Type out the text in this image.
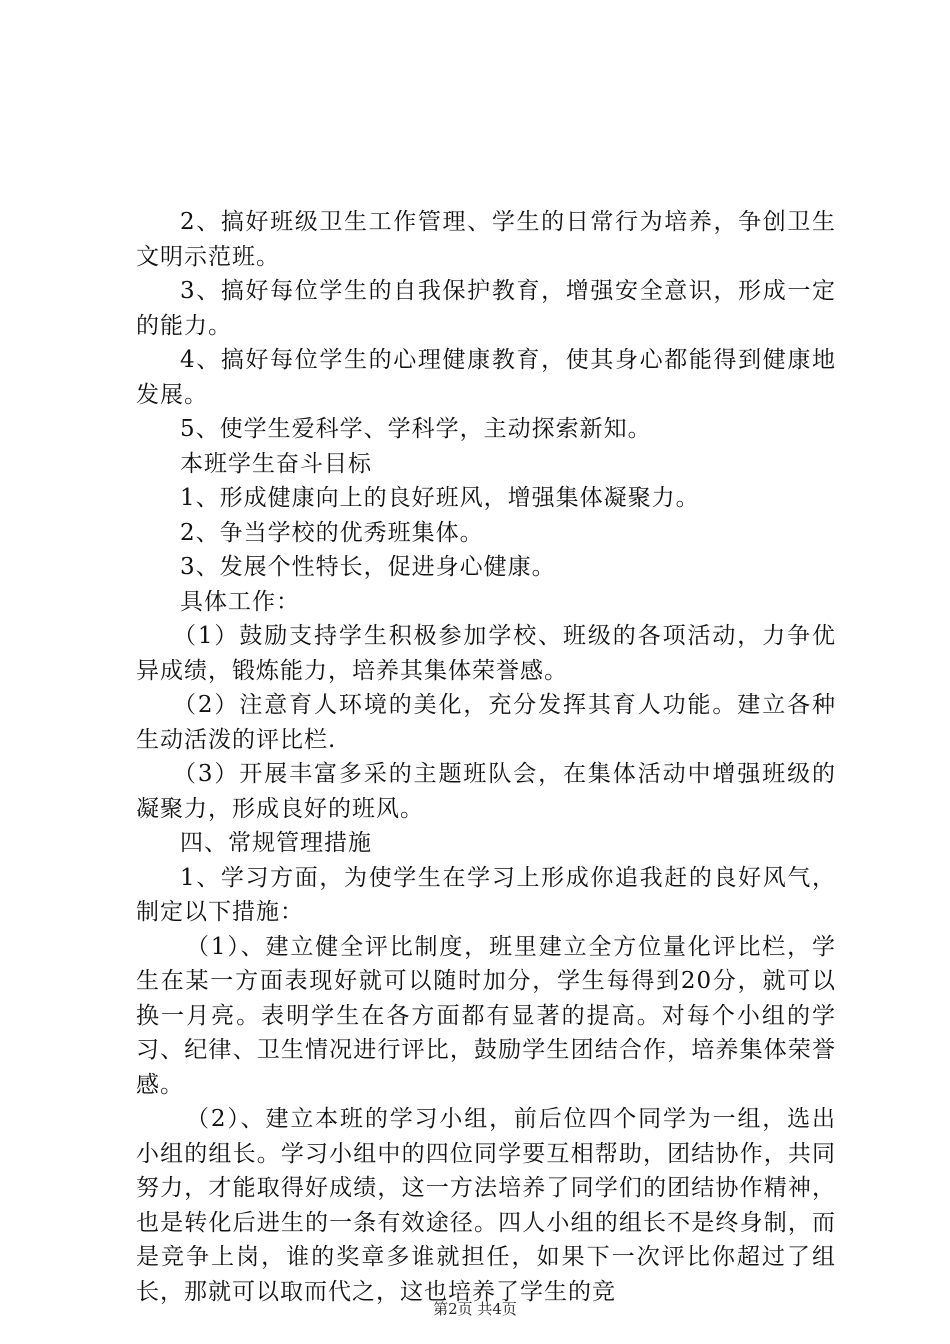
2、搞好班级卫生工作管理、学生的日常行为培养，争创卫生文明示范班。

3、搞好每位学生的自我保护教育，增强安全意识，形成一定的能力。

4、搞好每位学生的心理健康教育，使其身心都能得到健康地发展。

5、使学生爱科学、学科学，主动探索新知。

本班学生奋斗目标

1、形成健康向上的良好班风，增强集体凝聚力。

2、争当学校的优秀班集体。

3、发展个性特长，促进身心健康。

具体工作：

（1）鼓励支持学生积极参加学校、班级的各项活动，力争优异成绩，锻炼能力，培养其集体荣誉感。

（2）注意育人环境的美化，充分发挥其育人功能。建立各种生动活泼的评比栏.

（3）开展丰富多采的主题班队会，在集体活动中增强班级的凝聚力，形成良好的班风。

四、常规管理措施

1、学习方面，为使学生在学习上形成你追我赶的良好风气，制定以下措施：

（1）、建立健全评比制度，班里建立全方位量化评比栏，学生在某一方面表现好就可以随时加分，学生每得到20分，就可以换一月亮。表明学生在各方面都有显著的提高。对每个小组的学习、纪律、卫生情况进行评比，鼓励学生团结合作，培养集体荣誉感。

（2）、建立本班的学习小组，前后位四个同学为一组，选出小组的组长。学习小组中的四位同学要互相帮助，团结协作，共同努力，才能取得好成绩，这一方法培养了同学们的团结协作精神，也是转化后进生的一条有效途径。四人小组的组长不是终身制，而是竞争上岗，谁的奖章多谁就担任，如果下一次评比你超过了组长，那就可以取而代之，这也培养了学生的竞

第2页 共4页
